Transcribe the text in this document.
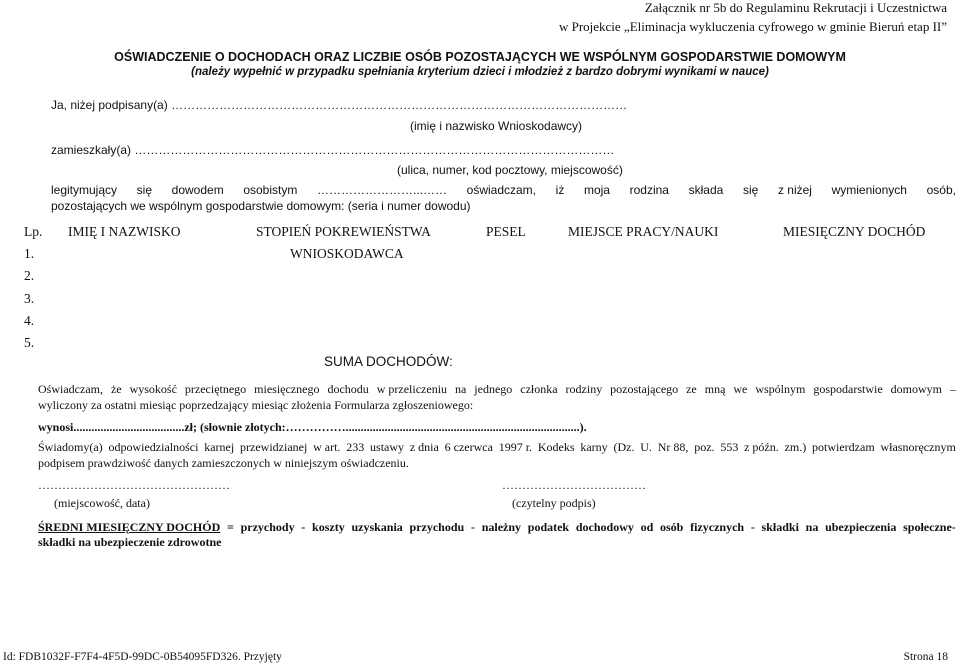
Załącznik nr 5b do Regulaminu Rekrutacji i Uczestnictwa
w Projekcie „Eliminacja wykluczenia cyfrowego w gminie Bieruń etap II”
OŚWIADCZENIE O DOCHODACH ORAZ LICZBIE OSÓB POZOSTAJĄCYCH WE WSPÓLNYM GOSPODARSTWIE DOMOWYM
(należy wypełnić w przypadku spełniania kryterium dzieci i młodzież z bardzo dobrymi wynikami w nauce)
Ja, niżej podpisany(a) ……………………………………………………………………………………………………
(imię i nazwisko Wnioskodawcy)
zamieszkały(a) …………………………………………………………………………………………………………
(ulica, numer, kod pocztowy, miejscowość)
legitymujący się dowodem osobistym ……………………...…… oświadczam, iż moja rodzina składa się z niżej wymienionych osób,
pozostających we wspólnym gospodarstwie domowym: (seria i numer dowodu)
Lp. IMIĘ I NAZWISKO	STOPIEŃ POKREWIEŃSTWA	PESEL	MIEJSCE PRACY/NAUKI	MIESIĘCZNY DOCHÓD
1.	WNIOSKODAWCA
2.
3.
4.
5.
SUMA DOCHODÓW:
Oświadczam, że wysokość przeciętnego miesięcznego dochodu w przeliczeniu na jednego członka rodziny pozostającego ze mną we wspólnym gospodarstwie domowym –
wyliczony za ostatni miesiąc poprzedzający miesiąc złożenia Formularza zgłoszeniowego:
wynosi.....................................zł; (słownie złotych:……………..............................................................................).
Świadomy(a) odpowiedzialności karnej przewidzianej w art. 233 ustawy z dnia 6 czerwca 1997 r. Kodeks karny (Dz. U. Nr 88, poz. 553 z późn. zm.) potwierdzam własnoręcznym
podpisem prawdziwość danych zamieszczonych w niniejszym oświadczeniu.
…………………………………………	………………………………
(miejscowość, data)	(czytelny podpis)
ŚREDNI MIESIĘCZNY DOCHÓD = przychody - koszty uzyskania przychodu - należny podatek dochodowy od osób fizycznych - składki na ubezpieczenia społeczne-
składki na ubezpieczenie zdrowotne
Id: FDB1032F-F7F4-4F5D-99DC-0B54095FD326. Przyjęty	Strona 18
